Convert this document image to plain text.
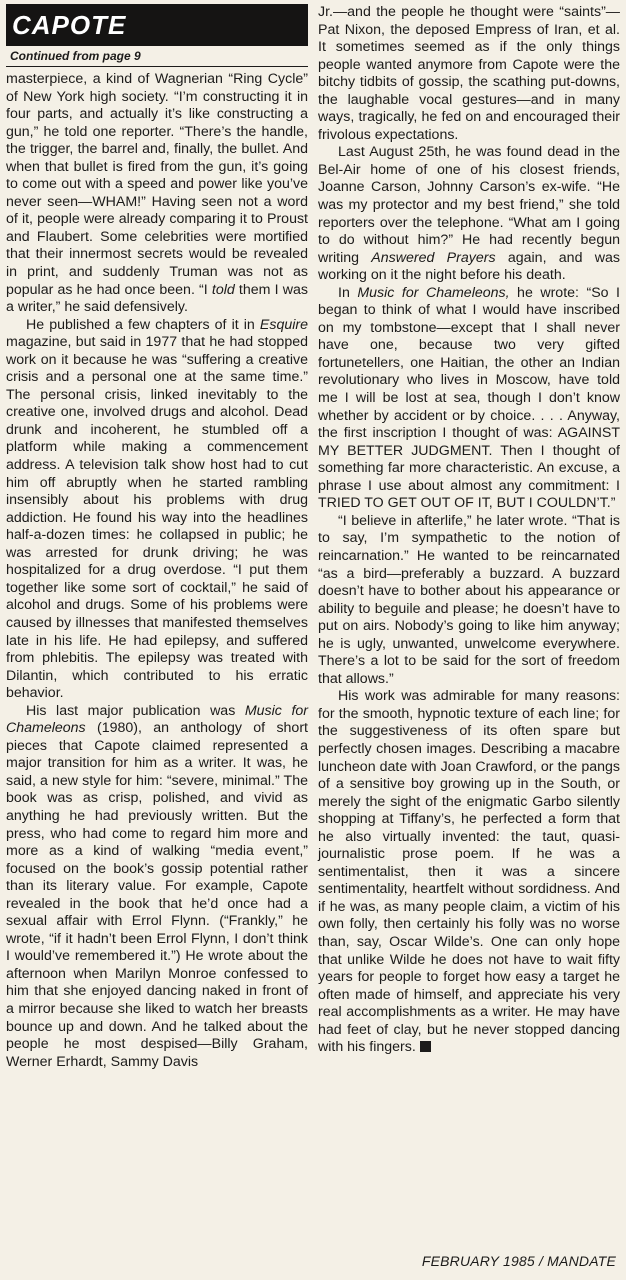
CAPOTE
Continued from page 9

masterpiece, a kind of Wagnerian “Ring Cycle” of New York high society. “I’m constructing it in four parts, and actually it’s like constructing a gun,” he told one reporter. “There’s the handle, the trigger, the barrel and, finally, the bullet. And when that bullet is fired from the gun, it’s going to come out with a speed and power like you’ve never seen—WHAM!” Having seen not a word of it, people were already comparing it to Proust and Flaubert. Some celebrities were mortified that their innermost secrets would be revealed in print, and suddenly Truman was not as popular as he had once been. “I told them I was a writer,” he said defensively.

He published a few chapters of it in Esquire magazine, but said in 1977 that he had stopped work on it because he was “suffering a creative crisis and a personal one at the same time.” The personal crisis, linked inevitably to the creative one, involved drugs and alcohol. Dead drunk and incoherent, he stumbled off a platform while making a commencement address. A television talk show host had to cut him off abruptly when he started rambling insensibly about his problems with drug addiction. He found his way into the headlines half-a-dozen times: he collapsed in public; he was arrested for drunk driving; he was hospitalized for a drug overdose. “I put them together like some sort of cocktail,” he said of alcohol and drugs. Some of his problems were caused by illnesses that manifested themselves late in his life. He had epilepsy, and suffered from phlebitis. The epilepsy was treated with Dilantin, which contributed to his erratic behavior.

His last major publication was Music for Chameleons (1980), an anthology of short pieces that Capote claimed represented a major transition for him as a writer. It was, he said, a new style for him: “severe, minimal.” The book was as crisp, polished, and vivid as anything he had previously written. But the press, who had come to regard him more and more as a kind of walking “media event,” focused on the book’s gossip potential rather than its literary value. For example, Capote revealed in the book that he’d once had a sexual affair with Errol Flynn. (“Frankly,” he wrote, “if it hadn’t been Errol Flynn, I don’t think I would’ve remembered it.”) He wrote about the afternoon when Marilyn Monroe confessed to him that she enjoyed dancing naked in front of a mirror because she liked to watch her breasts bounce up and down. And he talked about the people he most despised—Billy Graham, Werner Erhardt, Sammy Davis

Jr.—and the people he thought were “saints”—Pat Nixon, the deposed Empress of Iran, et al. It sometimes seemed as if the only things people wanted anymore from Capote were the bitchy tidbits of gossip, the scathing put-downs, the laughable vocal gestures—and in many ways, tragically, he fed on and encouraged their frivolous expectations.

Last August 25th, he was found dead in the Bel-Air home of one of his closest friends, Joanne Carson, Johnny Carson’s ex-wife. “He was my protector and my best friend,” she told reporters over the telephone. “What am I going to do without him?” He had recently begun writing Answered Prayers again, and was working on it the night before his death.

In Music for Chameleons, he wrote: “So I began to think of what I would have inscribed on my tombstone—except that I shall never have one, because two very gifted fortunetellers, one Haitian, the other an Indian revolutionary who lives in Moscow, have told me I will be lost at sea, though I don’t know whether by accident or by choice. . . . Anyway, the first inscription I thought of was: AGAINST MY BETTER JUDGMENT. Then I thought of something far more characteristic. An excuse, a phrase I use about almost any commitment: I TRIED TO GET OUT OF IT, BUT I COULDN’T.”

“I believe in afterlife,” he later wrote. “That is to say, I’m sympathetic to the notion of reincarnation.” He wanted to be reincarnated “as a bird—preferably a buzzard. A buzzard doesn’t have to bother about his appearance or ability to beguile and please; he doesn’t have to put on airs. Nobody’s going to like him anyway; he is ugly, unwanted, unwelcome everywhere. There’s a lot to be said for the sort of freedom that allows.”

His work was admirable for many reasons: for the smooth, hypnotic texture of each line; for the suggestiveness of its often spare but perfectly chosen images. Describing a macabre luncheon date with Joan Crawford, or the pangs of a sensitive boy growing up in the South, or merely the sight of the enigmatic Garbo silently shopping at Tiffany’s, he perfected a form that he also virtually invented: the taut, quasi-journalistic prose poem. If he was a sentimentalist, then it was a sincere sentimentality, heartfelt without sordidness. And if he was, as many people claim, a victim of his own folly, then certainly his folly was no worse than, say, Oscar Wilde’s. One can only hope that unlike Wilde he does not have to wait fifty years for people to forget how easy a target he often made of himself, and appreciate his very real accomplishments as a writer. He may have had feet of clay, but he never stopped dancing with his fingers.

FEBRUARY 1985 / MANDATE
